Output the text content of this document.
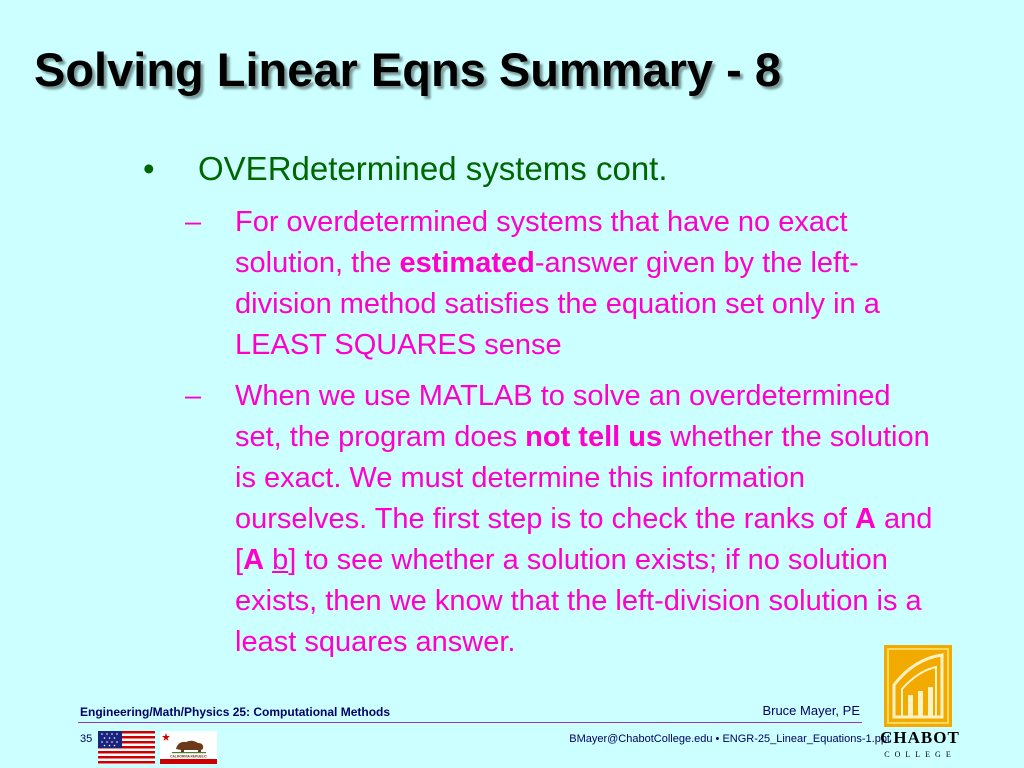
Solving Linear Eqns Summary - 8
• OVERdetermined systems cont.
– For overdetermined systems that have no exact solution, the estimated-answer given by the left-division method satisfies the equation set only in a LEAST SQUARES sense
– When we use MATLAB to solve an overdetermined set, the program does not tell us whether the solution is exact. We must determine this information ourselves. The first step is to check the ranks of A and [A b] to see whether a solution exists; if no solution exists, then we know that the left-division solution is a least squares answer.
Engineering/Math/Physics 25: Computational Methods	Bruce Mayer, PE
35	BMayer@ChabotCollege.edu • ENGR-25_Linear_Equations-1.ppt
CALIFORNIA REPUBLIC
CHABOT
COLLEGE
